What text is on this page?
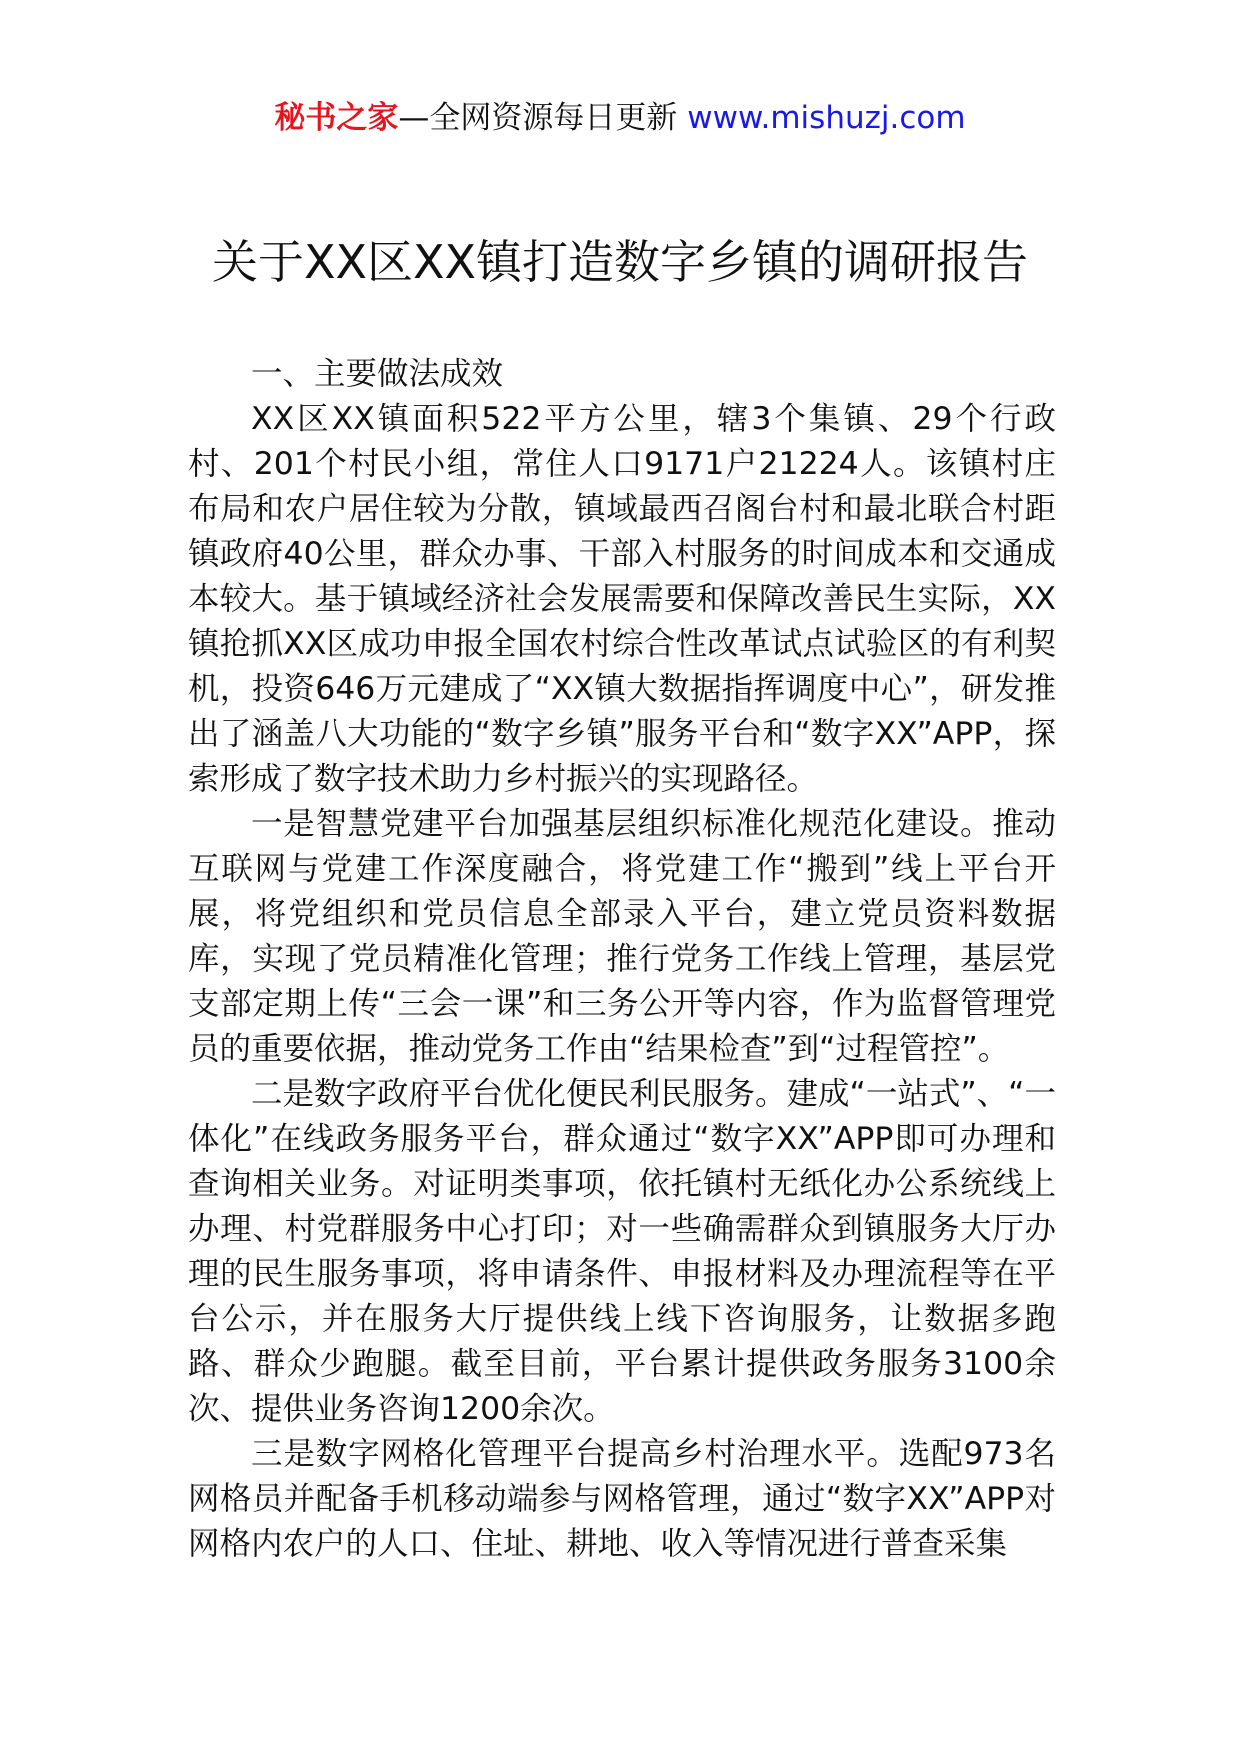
秘书之家—全网资源每日更新 www.mishuzj.com
关于XX区XX镇打造数字乡镇的调研报告

一、主要做法成效

XX区XX镇面积522平方公里，辖3个集镇、29个行政村、201个村民小组，常住人口9171户21224人。该镇村庄布局和农户居住较为分散，镇域最西召阁台村和最北联合村距镇政府40公里，群众办事、干部入村服务的时间成本和交通成本较大。基于镇域经济社会发展需要和保障改善民生实际，XX镇抢抓XX区成功申报全国农村综合性改革试点试验区的有利契机，投资646万元建成了“XX镇大数据指挥调度中心”，研发推出了涵盖八大功能的“数字乡镇”服务平台和“数字XX”APP，探索形成了数字技术助力乡村振兴的实现路径。

一是智慧党建平台加强基层组织标准化规范化建设。推动互联网与党建工作深度融合，将党建工作“搬到”线上平台开展，将党组织和党员信息全部录入平台，建立党员资料数据库，实现了党员精准化管理；推行党务工作线上管理，基层党支部定期上传“三会一课”和三务公开等内容，作为监督管理党员的重要依据，推动党务工作由“结果检查”到“过程管控”。

二是数字政府平台优化便民利民服务。建成“一站式”、“一体化”在线政务服务平台，群众通过“数字XX”APP即可办理和查询相关业务。对证明类事项，依托镇村无纸化办公系统线上办理、村党群服务中心打印；对一些确需群众到镇服务大厅办理的民生服务事项，将申请条件、申报材料及办理流程等在平台公示，并在服务大厅提供线上线下咨询服务，让数据多跑路、群众少跑腿。截至目前，平台累计提供政务服务3100余次、提供业务咨询1200余次。

三是数字网格化管理平台提高乡村治理水平。选配973名网格员并配备手机移动端参与网格管理，通过“数字XX”APP对网格内农户的人口、住址、耕地、收入等情况进行普查采集
